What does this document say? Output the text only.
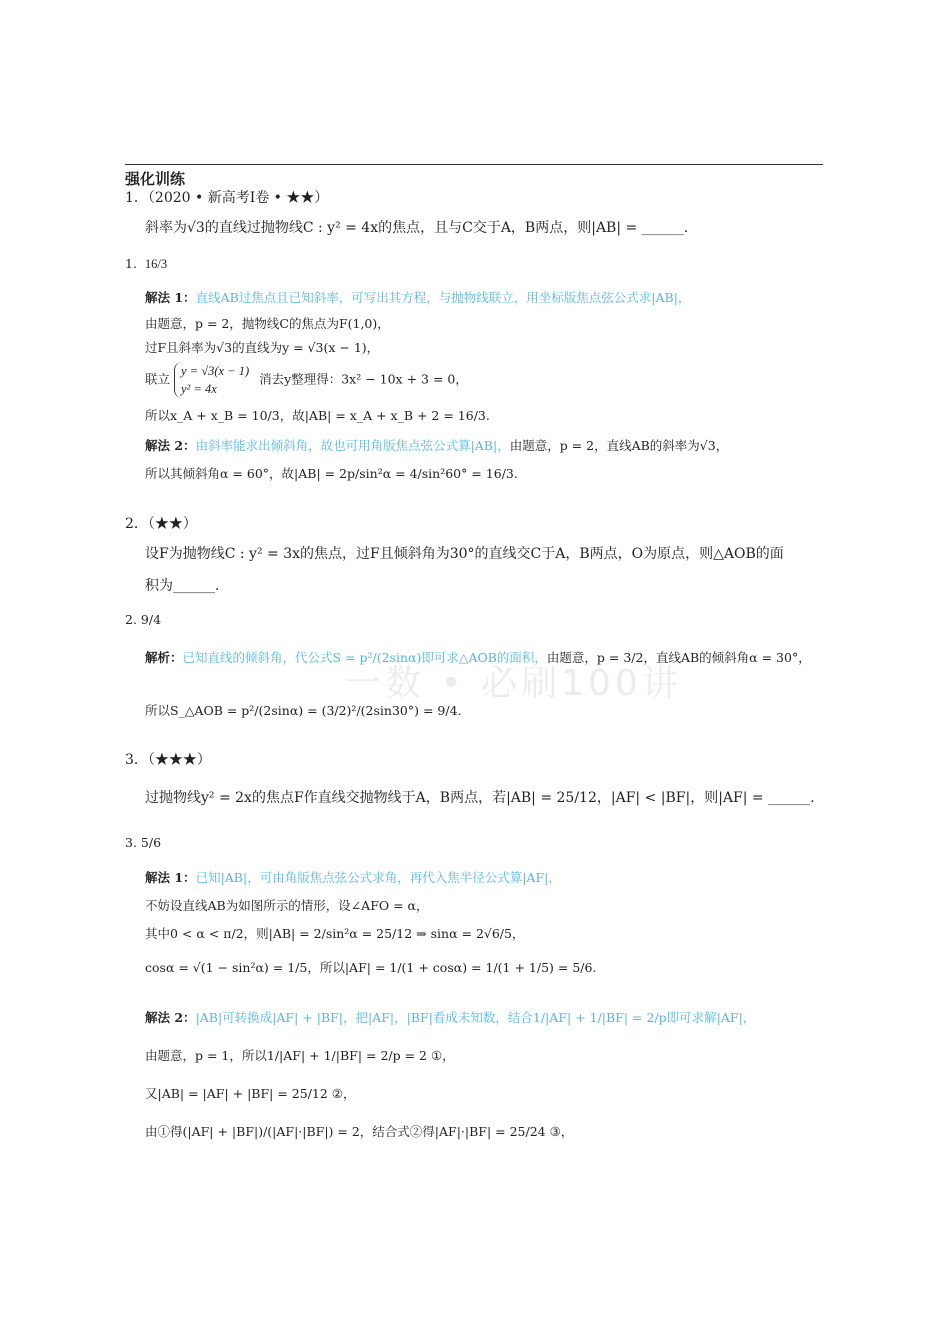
一数 • 必刷100讲
强化训练
1．（2020 • 新高考Ⅰ卷 • ★★）
斜率为√3的直线过抛物线C : y² = 4x的焦点，且与C交于A，B两点，则|AB| = ______.
1. 16/3
解法 1：直线AB过焦点且已知斜率，可写出其方程，与抛物线联立，用坐标版焦点弦公式求|AB|，
由题意，p = 2，抛物线C的焦点为F(1,0)，
过F且斜率为√3的直线为y = √3(x − 1)，
联立 y = √3(x − 1)
y² = 4x 消去y整理得：3x² − 10x + 3 = 0，
所以x_A + x_B = 10/3，故|AB| = x_A + x_B + 2 = 16/3.
解法 2：由斜率能求出倾斜角，故也可用角版焦点弦公式算|AB|，由题意，p = 2，直线AB的斜率为√3，
所以其倾斜角α = 60°，故|AB| = 2p/sin²α = 4/sin²60° = 16/3.
2．（★★）
设F为抛物线C : y² = 3x的焦点，过F且倾斜角为30°的直线交C于A，B两点，O为原点，则△AOB的面
积为______.
2. 9/4
解析：已知直线的倾斜角，代公式S = p²/(2sinα)即可求△AOB的面积，由题意，p = 3/2，直线AB的倾斜角α = 30°，
所以S_△AOB = p²/(2sinα) = (3/2)²/(2sin30°) = 9/4.
3．（★★★）
过抛物线y² = 2x的焦点F作直线交抛物线于A，B两点，若|AB| = 25/12，|AF| < |BF|，则|AF| = ______.
3. 5/6
解法 1：已知|AB|，可由角版焦点弦公式求角，再代入焦半径公式算|AF|，
不妨设直线AB为如图所示的情形，设∠AFO = α，
其中0 < α < π/2，则|AB| = 2/sin²α = 25/12 ⇒ sinα = 2√6/5，
cosα = √(1 − sin²α) = 1/5，所以|AF| = 1/(1 + cosα) = 1/(1 + 1/5) = 5/6.
解法 2：|AB|可转换成|AF| + |BF|，把|AF|，|BF|看成未知数，结合1/|AF| + 1/|BF| = 2/p即可求解|AF|，
由题意，p = 1，所以1/|AF| + 1/|BF| = 2/p = 2 ①，
又|AB| = |AF| + |BF| = 25/12 ②，
由①得(|AF| + |BF|)/(|AF|·|BF|) = 2，结合式②得|AF|·|BF| = 25/24 ③，
